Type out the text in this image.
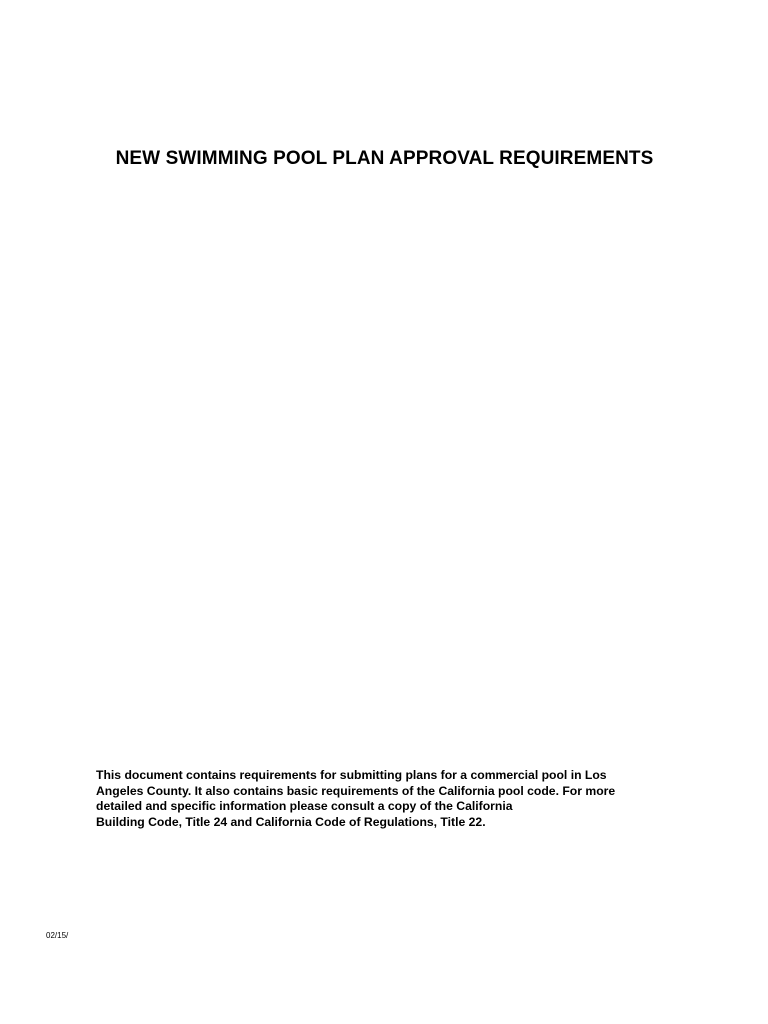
NEW SWIMMING POOL PLAN APPROVAL REQUIREMENTS
This document contains requirements for submitting plans for a commercial pool in Los
Angeles County. It also contains basic requirements of the California pool code. For more
detailed and specific information please consult a copy of the California
Building Code, Title 24 and California Code of Regulations, Title 22.
02/15/
